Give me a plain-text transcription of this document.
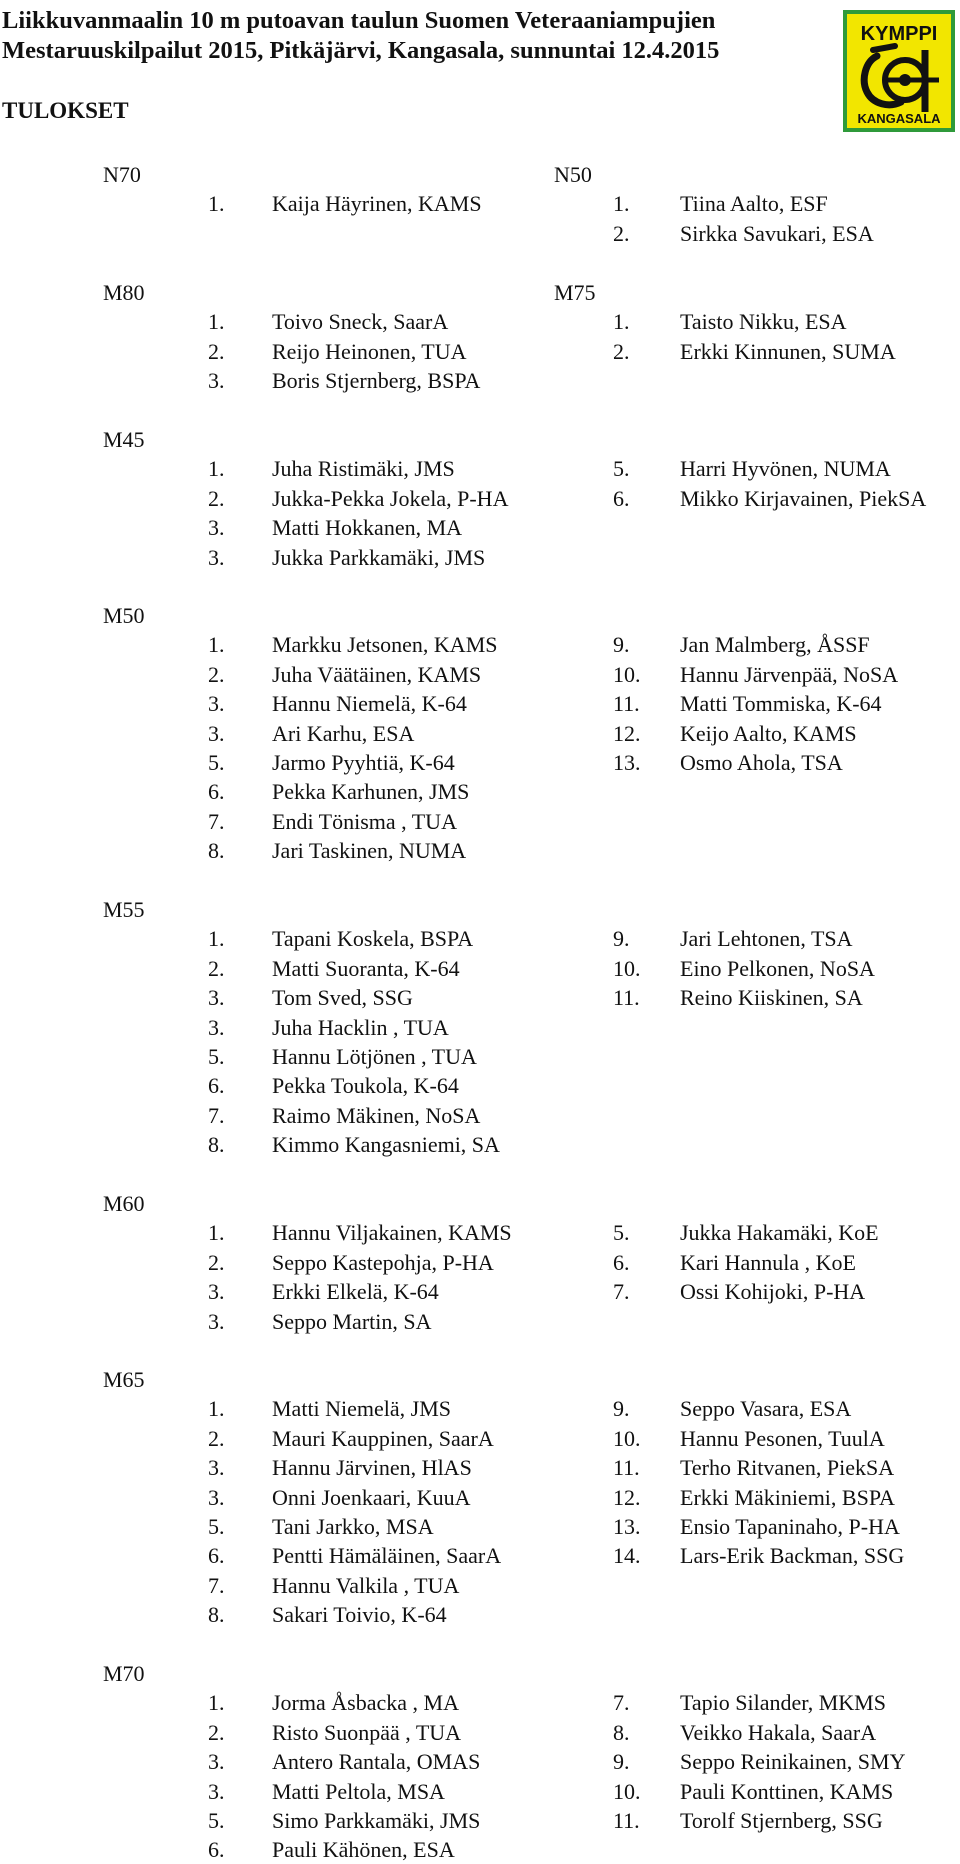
Liikkuvanmaalin 10 m putoavan taulun Suomen Veteraaniampujien
Mestaruuskilpailut 2015, Pitkäjärvi, Kangasala, sunnuntai 12.4.2015
TULOKSET
KYMPPI
KANGASALA
N70
1. Kaija Häyrinen, KAMS
N50
1. Tiina Aalto, ESF
2. Sirkka Savukari, ESA
M80
1. Toivo Sneck, SaarA
2. Reijo Heinonen, TUA
3. Boris Stjernberg, BSPA
M75
1. Taisto Nikku, ESA
2. Erkki Kinnunen, SUMA
M45
1. Juha Ristimäki, JMS
2. Jukka-Pekka Jokela, P-HA
3. Matti Hokkanen, MA
3. Jukka Parkkamäki, JMS
5. Harri Hyvönen, NUMA
6. Mikko Kirjavainen, PiekSA
M50
1. Markku Jetsonen, KAMS
2. Juha Väätäinen, KAMS
3. Hannu Niemelä, K-64
3. Ari Karhu, ESA
5. Jarmo Pyyhtiä, K-64
6. Pekka Karhunen, JMS
7. Endi Tönisma , TUA
8. Jari Taskinen, NUMA
9. Jan Malmberg, ÅSSF
10. Hannu Järvenpää, NoSA
11. Matti Tommiska, K-64
12. Keijo Aalto, KAMS
13. Osmo Ahola, TSA
M55
1. Tapani Koskela, BSPA
2. Matti Suoranta, K-64
3. Tom Sved, SSG
3. Juha Hacklin , TUA
5. Hannu Lötjönen , TUA
6. Pekka Toukola, K-64
7. Raimo Mäkinen, NoSA
8. Kimmo Kangasniemi, SA
9. Jari Lehtonen, TSA
10. Eino Pelkonen, NoSA
11. Reino Kiiskinen, SA
M60
1. Hannu Viljakainen, KAMS
2. Seppo Kastepohja, P-HA
3. Erkki Elkelä, K-64
3. Seppo Martin, SA
5. Jukka Hakamäki, KoE
6. Kari Hannula , KoE
7. Ossi Kohijoki, P-HA
M65
1. Matti Niemelä, JMS
2. Mauri Kauppinen, SaarA
3. Hannu Järvinen, HlAS
3. Onni Joenkaari, KuuA
5. Tani Jarkko, MSA
6. Pentti Hämäläinen, SaarA
7. Hannu Valkila , TUA
8. Sakari Toivio, K-64
9. Seppo Vasara, ESA
10. Hannu Pesonen, TuulA
11. Terho Ritvanen, PiekSA
12. Erkki Mäkiniemi, BSPA
13. Ensio Tapaninaho, P-HA
14. Lars-Erik Backman, SSG
M70
1. Jorma Åsbacka , MA
2. Risto Suonpää , TUA
3. Antero Rantala, OMAS
3. Matti Peltola, MSA
5. Simo Parkkamäki, JMS
6. Pauli Kähönen, ESA
7. Tapio Silander, MKMS
8. Veikko Hakala, SaarA
9. Seppo Reinikainen, SMY
10. Pauli Konttinen, KAMS
11. Torolf Stjernberg, SSG
